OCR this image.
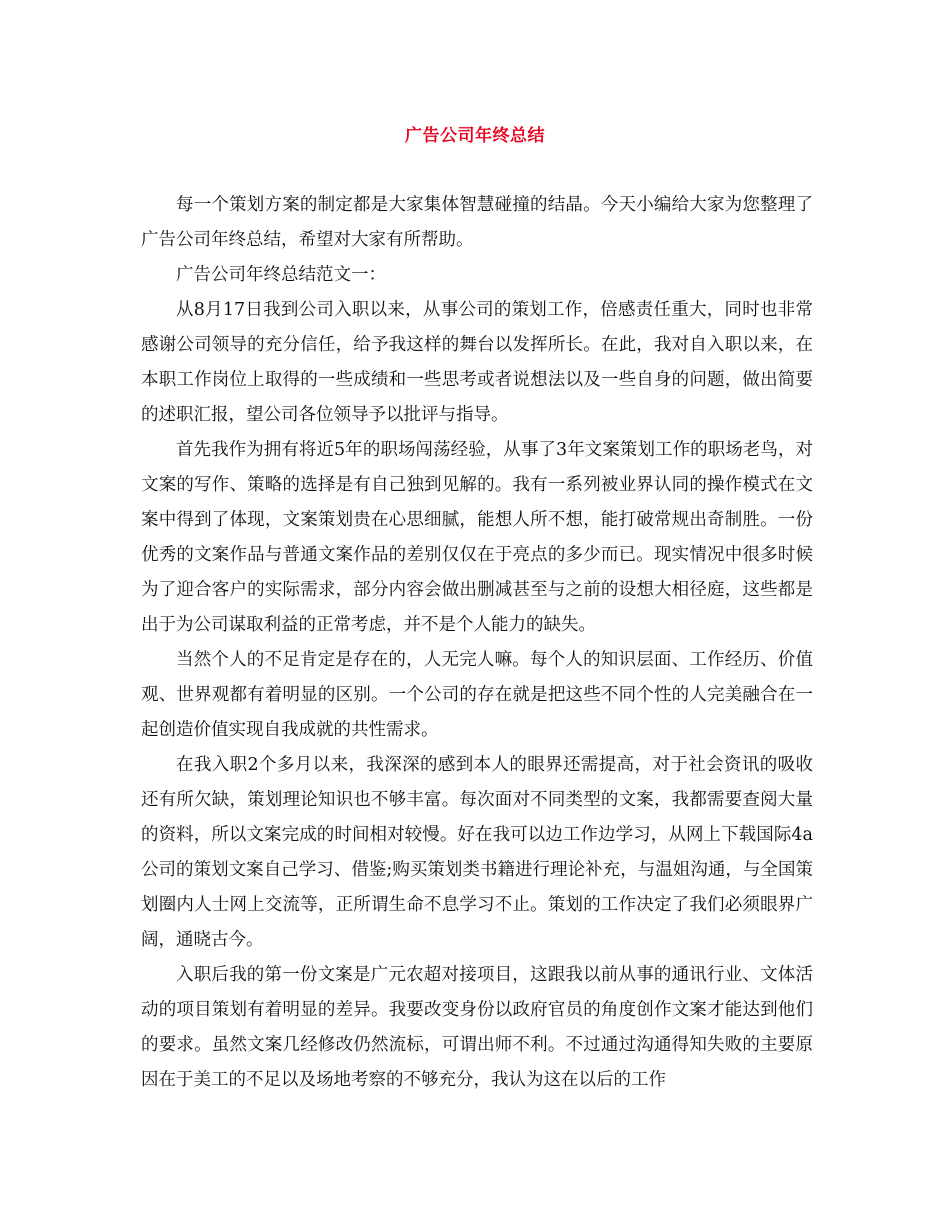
广告公司年终总结

每一个策划方案的制定都是大家集体智慧碰撞的结晶。今天小编给大家为您整理了广告公司年终总结，希望对大家有所帮助。

广告公司年终总结范文一：

从8月17日我到公司入职以来，从事公司的策划工作，倍感责任重大，同时也非常感谢公司领导的充分信任，给予我这样的舞台以发挥所长。在此，我对自入职以来，在本职工作岗位上取得的一些成绩和一些思考或者说想法以及一些自身的问题，做出简要的述职汇报，望公司各位领导予以批评与指导。

首先我作为拥有将近5年的职场闯荡经验，从事了3年文案策划工作的职场老鸟，对文案的写作、策略的选择是有自己独到见解的。我有一系列被业界认同的操作模式在文案中得到了体现，文案策划贵在心思细腻，能想人所不想，能打破常规出奇制胜。一份优秀的文案作品与普通文案作品的差别仅仅在于亮点的多少而已。现实情况中很多时候为了迎合客户的实际需求，部分内容会做出删减甚至与之前的设想大相径庭，这些都是出于为公司谋取利益的正常考虑，并不是个人能力的缺失。

当然个人的不足肯定是存在的，人无完人嘛。每个人的知识层面、工作经历、价值观、世界观都有着明显的区别。一个公司的存在就是把这些不同个性的人完美融合在一起创造价值实现自我成就的共性需求。

在我入职2个多月以来，我深深的感到本人的眼界还需提高，对于社会资讯的吸收还有所欠缺，策划理论知识也不够丰富。每次面对不同类型的文案，我都需要查阅大量的资料，所以文案完成的时间相对较慢。好在我可以边工作边学习，从网上下载国际4a公司的策划文案自己学习、借鉴;购买策划类书籍进行理论补充，与温姐沟通，与全国策划圈内人士网上交流等，正所谓生命不息学习不止。策划的工作决定了我们必须眼界广阔，通晓古今。

入职后我的第一份文案是广元农超对接项目，这跟我以前从事的通讯行业、文体活动的项目策划有着明显的差异。我要改变身份以政府官员的角度创作文案才能达到他们的要求。虽然文案几经修改仍然流标，可谓出师不利。不过通过沟通得知失败的主要原因在于美工的不足以及场地考察的不够充分，我认为这在以后的工作
